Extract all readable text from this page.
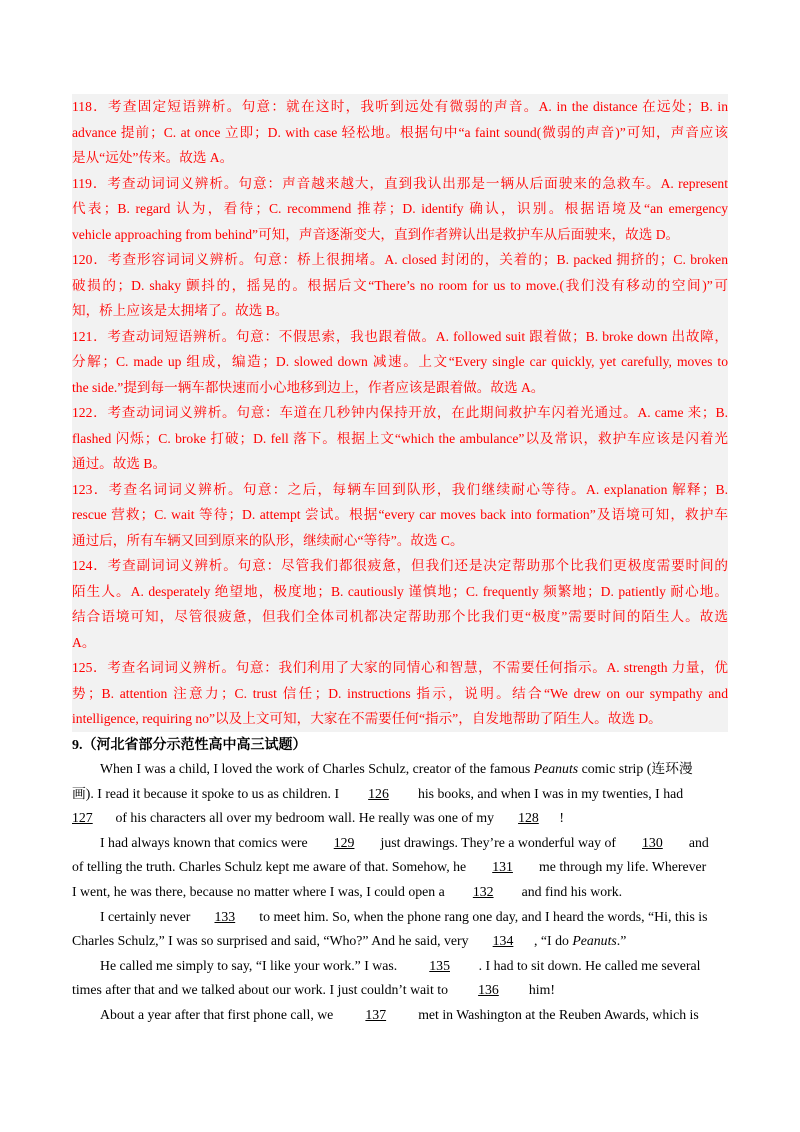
118．考查固定短语辨析。句意：就在这时，我听到远处有微弱的声音。A. in the distance 在远处；B. in
advance 提前；C. at once 立即；D. with case 轻松地。根据句中“a faint sound(微弱的声音)”可知，声音应该
是从“远处”传来。故选 A。
119．考查动词词义辨析。句意：声音越来越大，直到我认出那是一辆从后面驶来的急救车。A. represent
代表；B. regard 认为，看待；C. recommend 推荐；D. identify 确认，识别。根据语境及“an emergency
vehicle approaching from behind”可知，声音逐渐变大，直到作者辨认出是救护车从后面驶来，故选 D。
120．考查形容词词义辨析。句意：桥上很拥堵。A. closed 封闭的，关着的；B. packed 拥挤的；C. broken
破损的；D. shaky 颤抖的，摇晃的。根据后文“There’s no room for us to move.(我们没有移动的空间)”可
知，桥上应该是太拥堵了。故选 B。
121．考查动词短语辨析。句意：不假思索，我也跟着做。A. followed suit 跟着做；B. broke down 出故障，
分解；C. made up 组成，编造；D. slowed down 减速。上文“Every single car quickly, yet carefully, moves to
the side.”提到每一辆车都快速而小心地移到边上，作者应该是跟着做。故选 A。
122．考查动词词义辨析。句意：车道在几秒钟内保持开放，在此期间救护车闪着光通过。A. came 来；B.
flashed 闪烁；C. broke 打破；D. fell 落下。根据上文“which the ambulance”以及常识，救护车应该是闪着光
通过。故选 B。
123．考查名词词义辨析。句意：之后，每辆车回到队形，我们继续耐心等待。A. explanation 解释；B.
rescue 营救；C. wait 等待；D. attempt 尝试。根据“every car moves back into formation”及语境可知，救护车
通过后，所有车辆又回到原来的队形，继续耐心“等待”。故选 C。
124．考查副词词义辨析。句意：尽管我们都很疲惫，但我们还是决定帮助那个比我们更极度需要时间的
陌生人。A. desperately 绝望地，极度地；B. cautiously 谨慎地；C. frequently 频繁地；D. patiently 耐心地。
结合语境可知，尽管很疲惫，但我们全体司机都决定帮助那个比我们更“极度”需要时间的陌生人。故选
A。
125．考查名词词义辨析。句意：我们利用了大家的同情心和智慧，不需要任何指示。A. strength 力量，优
势；B. attention 注意力；C. trust 信任；D. instructions 指示，说明。结合“We drew on our sympathy and
intelligence, requiring no”以及上文可知，大家在不需要任何“指示”，自发地帮助了陌生人。故选 D。
9.（河北省部分示范性高中高三试题）
When I was a child, I loved the work of Charles Schulz, creator of the famous Peanuts comic strip (连环漫
画). I read it because it spoke to us as children. I 126 his books, and when I was in my twenties, I had
127 of his characters all over my bedroom wall. He really was one of my 128 !
I had always known that comics were 129 just drawings. They’re a wonderful way of 130 and
of telling the truth. Charles Schulz kept me aware of that. Somehow, he 131 me through my life. Wherever
I went, he was there, because no matter where I was, I could open a 132 and find his work.
I certainly never 133 to meet him. So, when the phone rang one day, and I heard the words, “Hi, this is
Charles Schulz,” I was so surprised and said, “Who?” And he said, very 134 , “I do Peanuts.”
He called me simply to say, “I like your work.” I was. 135 . I had to sit down. He called me several
times after that and we talked about our work. I just couldn’t wait to 136 him!
About a year after that first phone call, we 137 met in Washington at the Reuben Awards, which is
